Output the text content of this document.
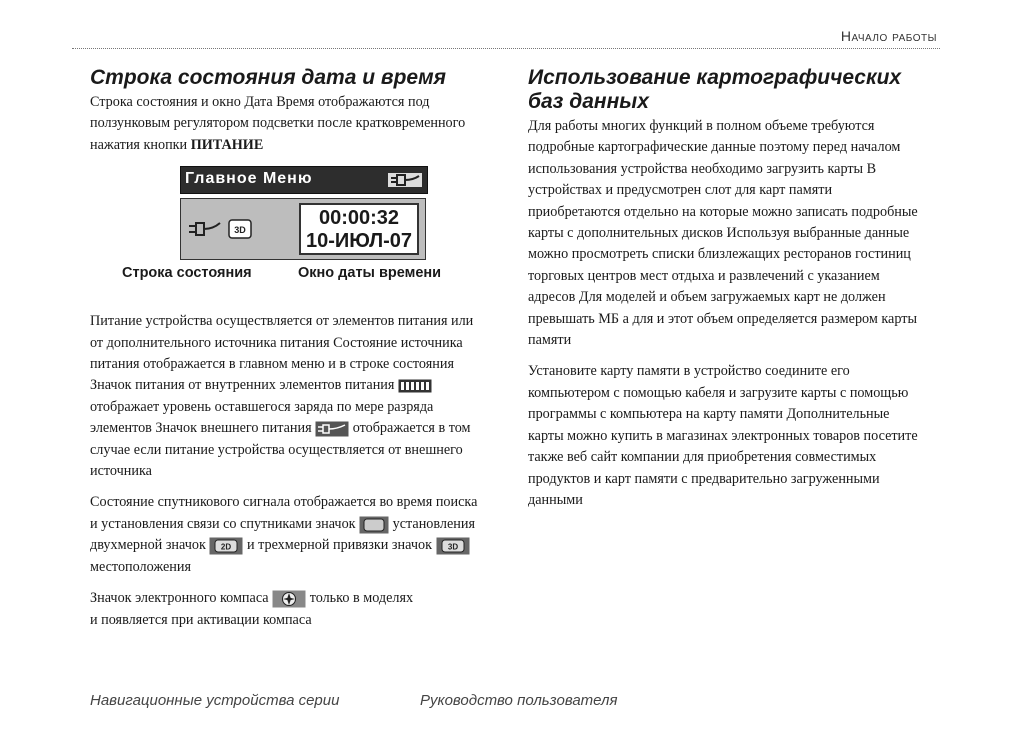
Начало работы
Строка состояния дата и время

Строка состояния и окно Дата Время отображаются под ползунковым регулятором подсветки после кратковременного нажатия кнопки ПИТАНИЕ

Главное Меню
3D
00:00:32
10-ИЮЛ-07
Строка состояния	Окно даты времени

Питание устройства осуществляется от элементов питания или от дополнительного источника питания Состояние источника питания отображается в главном меню и в строке состояния Значок питания от внутренних элементов питания  отображает уровень оставшегося заряда по мере разряда элементов Значок внешнего питания	отображается в том случае если питание устройства осуществляется от внешнего источника

Состояние спутникового сигнала отображается во время поиска и установления связи со спутниками значок	установления двухмерной значок 2D и трехмерной привязки значок 3D
местоположения

Значок электронного компаса	только в моделях
и появляется при активации компаса

Использование картографических баз данных

Для работы многих функций в полном объеме требуются подробные картографические данные поэтому перед началом использования устройства необходимо загрузить карты В устройствах и предусмотрен слот для карт памяти приобретаются отдельно на которые можно записать подробные карты с дополнительных дисков Используя выбранные данные можно просмотреть списки близлежащих ресторанов гостиниц торговых центров мест отдыха и развлечений с указанием адресов Для моделей и объем загружаемых карт не должен превышать МБ а для и этот объем определяется размером карты памяти

Установите карту памяти в устройство соедините его компьютером с помощью кабеля и загрузите карты с помощью программы с компьютера на карту памяти Дополнительные карты можно купить в магазинах электронных товаров посетите также веб сайт компании для приобретения совместимых продуктов и карт памяти с предварительно загруженными данными

Навигационные устройства серии	Руководство пользователя
